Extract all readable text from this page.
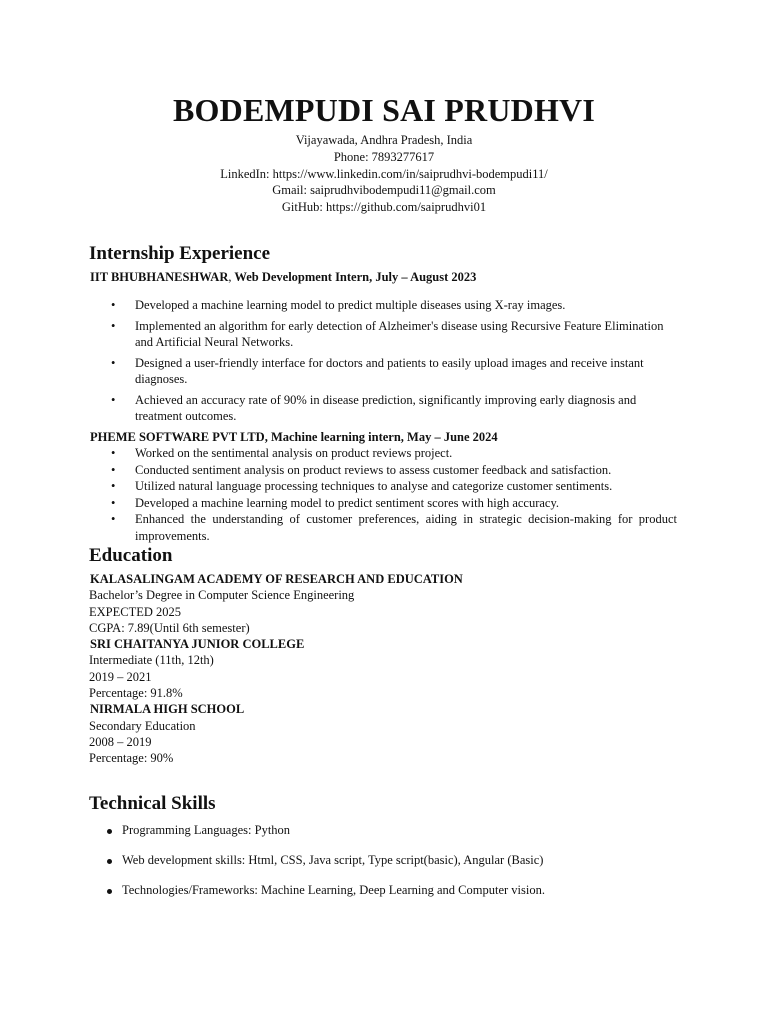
BODEMPUDI SAI PRUDHVI
Vijayawada, Andhra Pradesh, India
Phone: 7893277617
LinkedIn: https://www.linkedin.com/in/saiprudhvi-bodempudi11/
Gmail: saiprudhvibodempudi11@gmail.com
GitHub: https://github.com/saiprudhvi01
Internship Experience
IIT BHUBHANESHWAR, Web Development Intern, July – August 2023
• Developed a machine learning model to predict multiple diseases using X-ray images.
• Implemented an algorithm for early detection of Alzheimer's disease using Recursive Feature Elimination and Artificial Neural Networks.
• Designed a user-friendly interface for doctors and patients to easily upload images and receive instant diagnoses.
• Achieved an accuracy rate of 90% in disease prediction, significantly improving early diagnosis and treatment outcomes.
PHEME SOFTWARE PVT LTD, Machine learning intern, May – June 2024
• Worked on the sentimental analysis on product reviews project.
• Conducted sentiment analysis on product reviews to assess customer feedback and satisfaction.
• Utilized natural language processing techniques to analyse and categorize customer sentiments.
• Developed a machine learning model to predict sentiment scores with high accuracy.
• Enhanced the understanding of customer preferences, aiding in strategic decision-making for product improvements.
Education
KALASALINGAM ACADEMY OF RESEARCH AND EDUCATION
Bachelor’s Degree in Computer Science Engineering
EXPECTED 2025
CGPA: 7.89(Until 6th semester)
SRI CHAITANYA JUNIOR COLLEGE
Intermediate (11th, 12th)
2019 – 2021
Percentage: 91.8%
NIRMALA HIGH SCHOOL
Secondary Education
2008 – 2019
Percentage: 90%
Technical Skills
Programming Languages: Python
Web development skills: Html, CSS, Java script, Type script(basic), Angular (Basic)
Technologies/Frameworks: Machine Learning, Deep Learning and Computer vision.
